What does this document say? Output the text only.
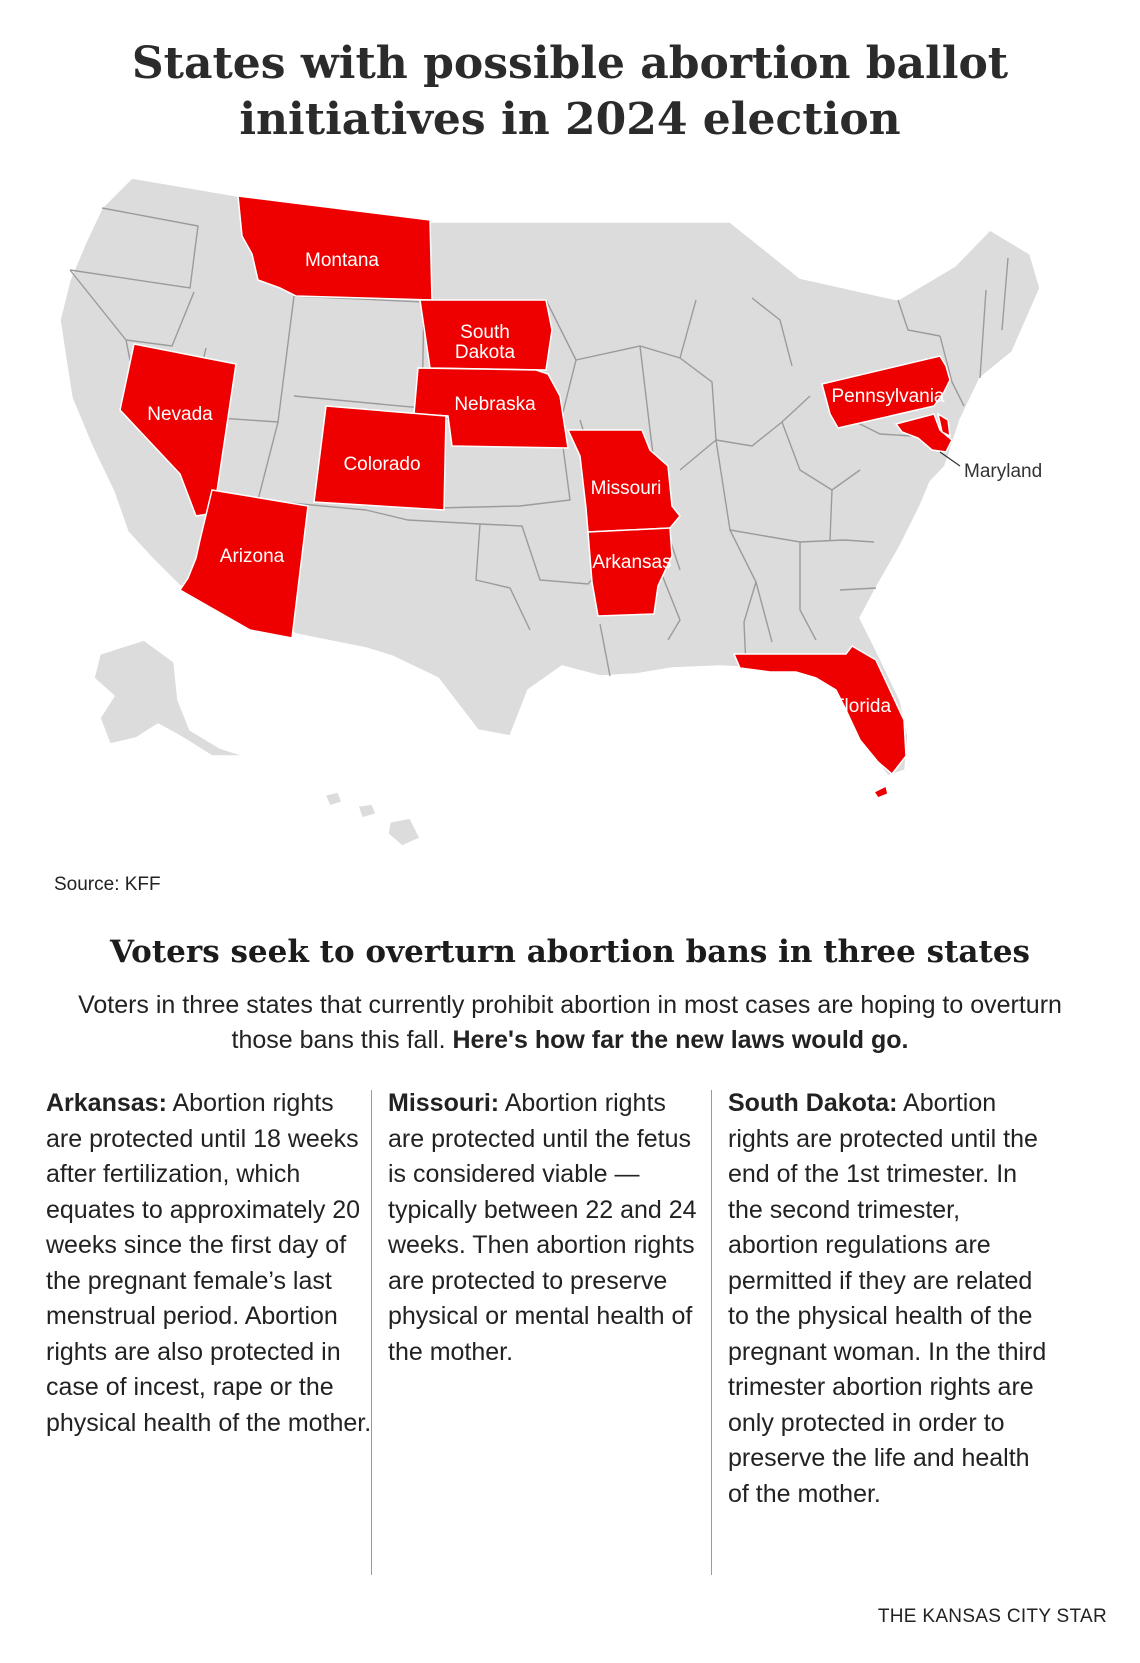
States with possible abortion ballot
initiatives in 2024 election
Montana
South
Dakota
Nebraska
Nevada
Colorado
Arizona
Missouri
Arkansas
Pennsylvania
Florida
Maryland
Source: KFF
Voters seek to overturn abortion bans in three states
Voters in three states that currently prohibit abortion in most cases are hoping to overturn those bans this fall. Here's how far the new laws would go.
Arkansas: Abortion rights are protected until 18 weeks after fertilization, which equates to approximately 20 weeks since the first day of the pregnant female’s last menstrual period. Abortion rights are also protected in case of incest, rape or the physical health of the mother.
Missouri: Abortion rights are protected until the fetus is considered viable — typically between 22 and 24 weeks. Then abortion rights are protected to preserve physical or mental health of the mother.
South Dakota: Abortion rights are protected until the end of the 1st trimester. In the second trimester, abortion regulations are permitted if they are related to the physical health of the pregnant woman. In the third trimester abortion rights are only protected in order to preserve the life and health of the mother.
THE KANSAS CITY STAR
